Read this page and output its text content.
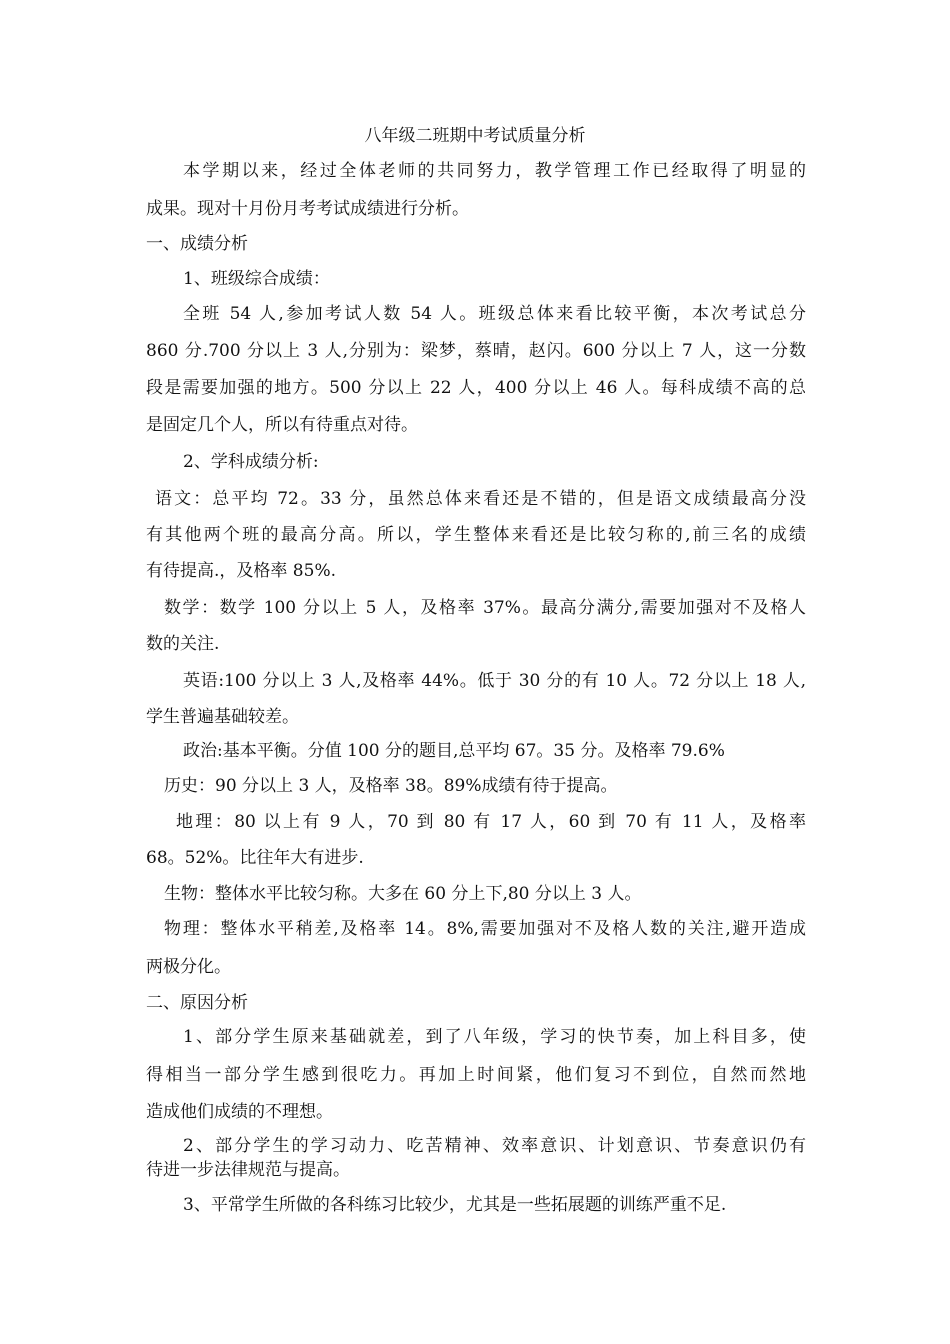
八年级二班期中考试质量分析
本学期以来，经过全体老师的共同努力，教学管理工作已经取得了明显的
成果。现对十月份月考考试成绩进行分析。
一、成绩分析
1、班级综合成绩：
全班 54 人,参加考试人数 54 人。班级总体来看比较平衡，本次考试总分
860 分.700 分以上 3 人,分别为：梁梦，蔡晴，赵闪。600 分以上 7 人，这一分数
段是需要加强的地方。500 分以上 22 人，400 分以上 46 人。每科成绩不高的总
是固定几个人，所以有待重点对待。
2、学科成绩分析:
语文：总平均 72。33 分，虽然总体来看还是不错的，但是语文成绩最高分没
有其他两个班的最高分高。所以，学生整体来看还是比较匀称的,前三名的成绩
有待提高.，及格率 85%.
数学：数学 100 分以上 5 人，及格率 37%。最高分满分,需要加强对不及格人
数的关注.
英语:100 分以上 3 人,及格率 44%。低于 30 分的有 10 人。72 分以上 18 人,
学生普遍基础较差。
政治:基本平衡。分值 100 分的题目,总平均 67。35 分。及格率 79.6%
历史：90 分以上 3 人，及格率 38。89%成绩有待于提高。
地理：80 以上有 9 人，70 到 80 有 17 人，60 到 70 有 11 人，及格率
68。52%。比往年大有进步.
生物：整体水平比较匀称。大多在 60 分上下,80 分以上 3 人。
物理：整体水平稍差,及格率 14。8%,需要加强对不及格人数的关注,避开造成
两极分化。
二、原因分析
1、部分学生原来基础就差，到了八年级，学习的快节奏，加上科目多，使
得相当一部分学生感到很吃力。再加上时间紧，他们复习不到位，自然而然地
造成他们成绩的不理想。
2、部分学生的学习动力、吃苦精神、效率意识、计划意识、节奏意识仍有
待进一步法律规范与提高。
3、平常学生所做的各科练习比较少，尤其是一些拓展题的训练严重不足.
